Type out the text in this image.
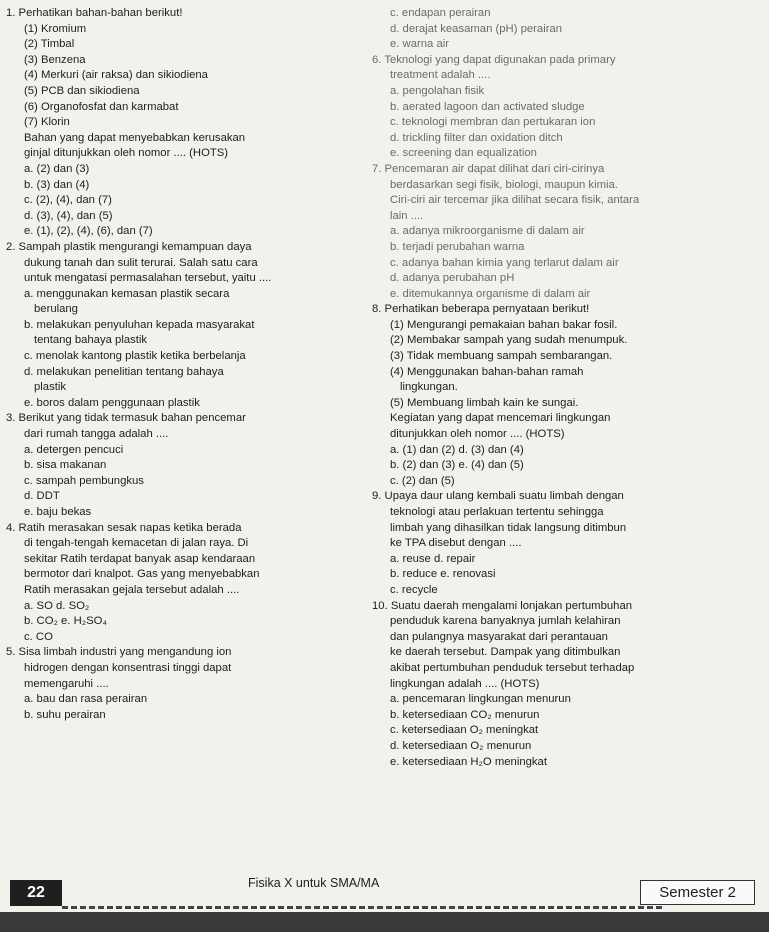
1. Perhatikan bahan-bahan berikut!
(1) Kromium
(2) Timbal
(3) Benzena
(4) Merkuri (air raksa) dan sikiodiena
(5) PCB dan sikiodiena
(6) Organofosfat dan karmabat
(7) Klorin
Bahan yang dapat menyebabkan kerusakan
ginjal ditunjukkan oleh nomor .... (HOTS)
a. (2) dan (3)
b. (3) dan (4)
c. (2), (4), dan (7)
d. (3), (4), dan (5)
e. (1), (2), (4), (6), dan (7)
2. Sampah plastik mengurangi kemampuan daya
dukung tanah dan sulit terurai. Salah satu cara
untuk mengatasi permasalahan tersebut, yaitu ....
a. menggunakan kemasan plastik secara
berulang
b. melakukan penyuluhan kepada masyarakat
tentang bahaya plastik
c. menolak kantong plastik ketika berbelanja
d. melakukan penelitian tentang bahaya
plastik
e. boros dalam penggunaan plastik
3. Berikut yang tidak termasuk bahan pencemar
dari rumah tangga adalah ....
a. detergen pencuci
b. sisa makanan
c. sampah pembungkus
d. DDT
e. baju bekas
4. Ratih merasakan sesak napas ketika berada
di tengah-tengah kemacetan di jalan raya. Di
sekitar Ratih terdapat banyak asap kendaraan
bermotor dari knalpot. Gas yang menyebabkan
Ratih merasakan gejala tersebut adalah ....
a. SO d. SO₂
b. CO₂ e. H₂SO₄
c. CO
5. Sisa limbah industri yang mengandung ion
hidrogen dengan konsentrasi tinggi dapat
memengaruhi ....
a. bau dan rasa perairan
b. suhu perairan
c. endapan perairan
d. derajat keasaman (pH) perairan
e. warna air
6. Teknologi yang dapat digunakan pada primary
treatment adalah ....
a. pengolahan fisik
b. aerated lagoon dan activated sludge
c. teknologi membran dan pertukaran ion
d. trickling filter dan oxidation ditch
e. screening dan equalization
7. Pencemaran air dapat dilihat dari ciri-cirinya
berdasarkan segi fisik, biologi, maupun kimia.
Ciri-ciri air tercemar jika dilihat secara fisik, antara
lain ....
a. adanya mikroorganisme di dalam air
b. terjadi perubahan warna
c. adanya bahan kimia yang terlarut dalam air
d. adanya perubahan pH
e. ditemukannya organisme di dalam air
8. Perhatikan beberapa pernyataan berikut!
(1) Mengurangi pemakaian bahan bakar fosil.
(2) Membakar sampah yang sudah menumpuk.
(3) Tidak membuang sampah sembarangan.
(4) Menggunakan bahan-bahan ramah
lingkungan.
(5) Membuang limbah kain ke sungai.
Kegiatan yang dapat mencemari lingkungan
ditunjukkan oleh nomor .... (HOTS)
a. (1) dan (2) d. (3) dan (4)
b. (2) dan (3) e. (4) dan (5)
c. (2) dan (5)
9. Upaya daur ulang kembali suatu limbah dengan
teknologi atau perlakuan tertentu sehingga
limbah yang dihasilkan tidak langsung ditimbun
ke TPA disebut dengan ....
a. reuse d. repair
b. reduce e. renovasi
c. recycle
10. Suatu daerah mengalami lonjakan pertumbuhan
penduduk karena banyaknya jumlah kelahiran
dan pulangnya masyarakat dari perantauan
ke daerah tersebut. Dampak yang ditimbulkan
akibat pertumbuhan penduduk tersebut terhadap
lingkungan adalah .... (HOTS)
a. pencemaran lingkungan menurun
b. ketersediaan CO₂ menurun
c. ketersediaan O₂ meningkat
d. ketersediaan O₂ menurun
e. ketersediaan H₂O meningkat
22
Fisika X untuk SMA/MA
Semester 2
